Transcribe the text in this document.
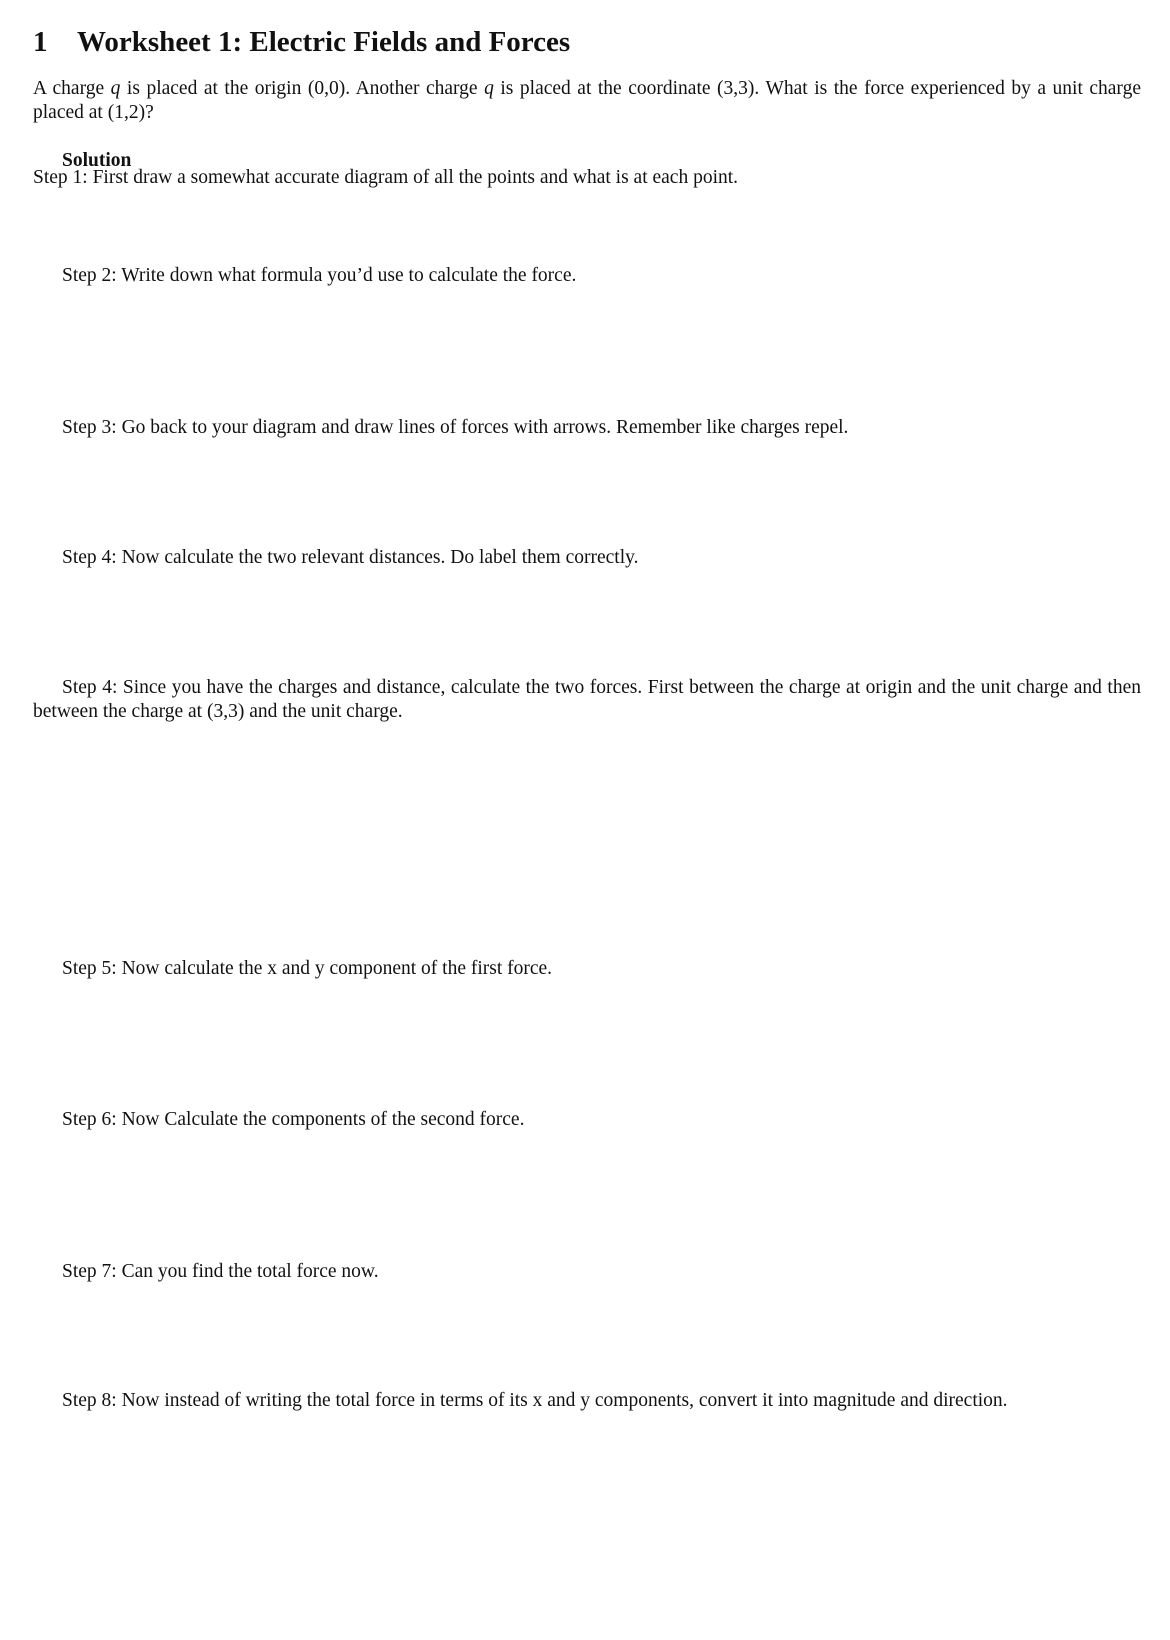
1 Worksheet 1: Electric Fields and Forces
A charge q is placed at the origin (0,0). Another charge q is placed at the coordinate (3,3). What is the force experienced by a unit charge placed at (1,2)?
Solution
Step 1: First draw a somewhat accurate diagram of all the points and what is at each point.
Step 2: Write down what formula you’d use to calculate the force.
Step 3: Go back to your diagram and draw lines of forces with arrows. Remember like charges repel.
Step 4: Now calculate the two relevant distances. Do label them correctly.
Step 4: Since you have the charges and distance, calculate the two forces. First between the charge at origin and the unit charge and then between the charge at (3,3) and the unit charge.
Step 5: Now calculate the x and y component of the first force.
Step 6: Now Calculate the components of the second force.
Step 7: Can you find the total force now.
Step 8: Now instead of writing the total force in terms of its x and y components, convert it into magnitude and direction.
